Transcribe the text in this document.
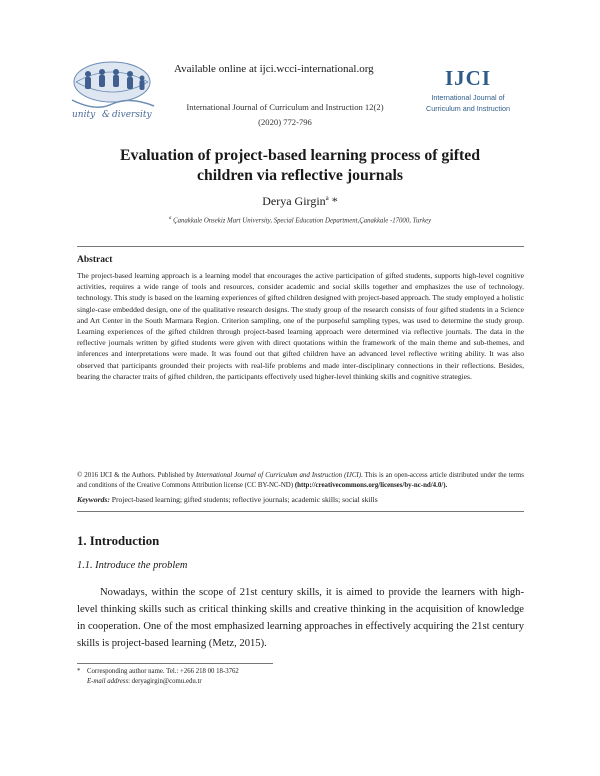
unity & diversity
Available online at ijci.wcci-international.org
International Journal of Curriculum and Instruction 12(2)
(2020) 772-796
IJCI
International Journal of
Curriculum and Instruction
Evaluation of project-based learning process of gifted
children via reflective journals
Derya Girgin$^a$ *
$^a$ Çanakkale Onsekiz Mart University, Special Education Department,Çanakkale -17000, Turkey
Abstract
The project-based learning approach is a learning model that encourages the active participation of gifted students, supports high-level cognitive activities, requires a wide range of tools and resources, consider academic and social skills together and emphasizes the use of technology. technology. This study is based on the learning experiences of gifted children designed with project-based approach. The study employed a holistic single-case embedded design, one of the qualitative research designs. The study group of the research consists of four gifted students in a Science and Art Center in the South Marmara Region. Criterion sampling, one of the purposeful sampling types, was used to determine the study group. Learning experiences of the gifted children through project-based learning approach were determined via reflective journals. The data in the reflective journals written by gifted students were given with direct quotations within the framework of the main theme and sub-themes, and inferences and interpretations were made. It was found out that gifted children have an advanced level reflective writing ability. It was also observed that participants grounded their projects with real-life problems and made inter-disciplinary connections in their reflections. Besides, bearing the character traits of gifted children, the participants effectively used higher-level thinking skills and cognitive strategies.
© 2016 IJCI & the Authors. Published by International Journal of Curriculum and Instruction (IJCI). This is an open-access article distributed under the terms and conditions of the Creative Commons Attribution license (CC BY-NC-ND) (http://creativecommons.org/licenses/by-nc-nd/4.0/).
Keywords: Project-based learning; gifted students; reflective journals; academic skills; social skills
1. Introduction
1.1. Introduce the problem

Nowadays, within the scope of 21st century skills, it is aimed to provide the learners with high-level thinking skills such as critical thinking skills and creative thinking in the acquisition of knowledge in cooperation. One of the most emphasized learning approaches in effectively acquiring the 21st century skills is project-based learning (Metz, 2015).

* Corresponding author name. Tel.: +266 218 00 18-3762
E-mail address: deryagirgin@comu.edu.tr
